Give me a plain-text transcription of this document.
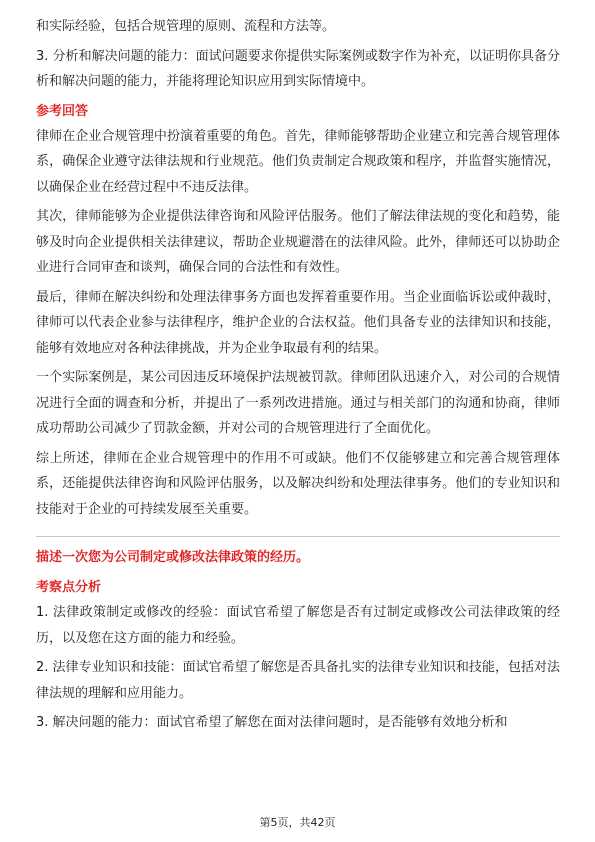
和实际经验，包括合规管理的原则、流程和方法等。

3. 分析和解决问题的能力：面试问题要求你提供实际案例或数字作为补充，以证明你具备分析和解决问题的能力，并能将理论知识应用到实际情境中。

参考回答

律师在企业合规管理中扮演着重要的角色。首先，律师能够帮助企业建立和完善合规管理体系，确保企业遵守法律法规和行业规范。他们负责制定合规政策和程序，并监督实施情况，以确保企业在经营过程中不违反法律。

其次，律师能够为企业提供法律咨询和风险评估服务。他们了解法律法规的变化和趋势，能够及时向企业提供相关法律建议，帮助企业规避潜在的法律风险。此外，律师还可以协助企业进行合同审查和谈判，确保合同的合法性和有效性。

最后，律师在解决纠纷和处理法律事务方面也发挥着重要作用。当企业面临诉讼或仲裁时，律师可以代表企业参与法律程序，维护企业的合法权益。他们具备专业的法律知识和技能，能够有效地应对各种法律挑战，并为企业争取最有利的结果。

一个实际案例是，某公司因违反环境保护法规被罚款。律师团队迅速介入，对公司的合规情况进行全面的调查和分析，并提出了一系列改进措施。通过与相关部门的沟通和协商，律师成功帮助公司减少了罚款金额，并对公司的合规管理进行了全面优化。

综上所述，律师在企业合规管理中的作用不可或缺。他们不仅能够建立和完善合规管理体系，还能提供法律咨询和风险评估服务，以及解决纠纷和处理法律事务。他们的专业知识和技能对于企业的可持续发展至关重要。

描述一次您为公司制定或修改法律政策的经历。
考察点分析

1. 法律政策制定或修改的经验：面试官希望了解您是否有过制定或修改公司法律政策的经历，以及您在这方面的能力和经验。

2. 法律专业知识和技能：面试官希望了解您是否具备扎实的法律专业知识和技能，包括对法律法规的理解和应用能力。

3. 解决问题的能力：面试官希望了解您在面对法律问题时，是否能够有效地分析和

第5页，共42页
